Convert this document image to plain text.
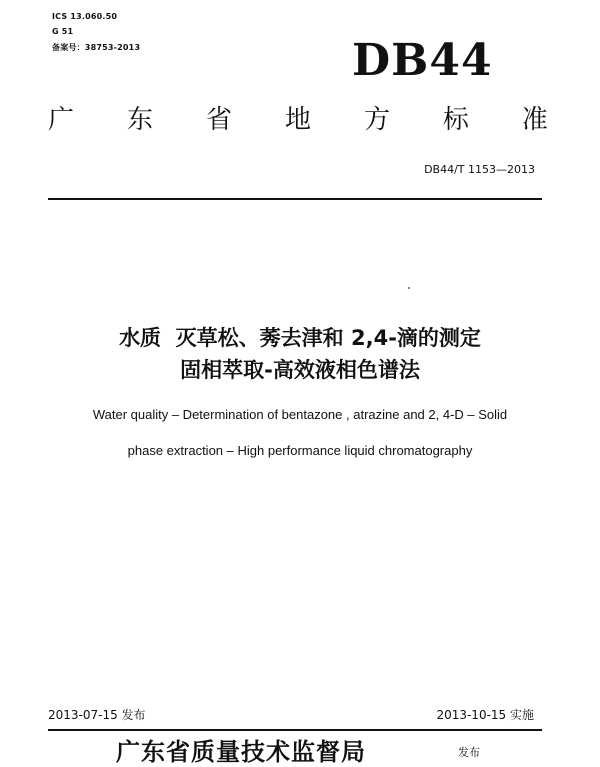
ICS 13.060.50
G 51
备案号：38753-2013	DB44
广 东 省 地 方 标 准
DB44/T 1153—2013
水质  灭草松、莠去津和 2,4-滴的测定
固相萃取-高效液相色谱法
Water quality – Determination of bentazone , atrazine and 2, 4-D – Solid
phase extraction – High performance liquid chromatography
2013-07-15 发布	2013-10-15 实施
广东省质量技术监督局	发布
